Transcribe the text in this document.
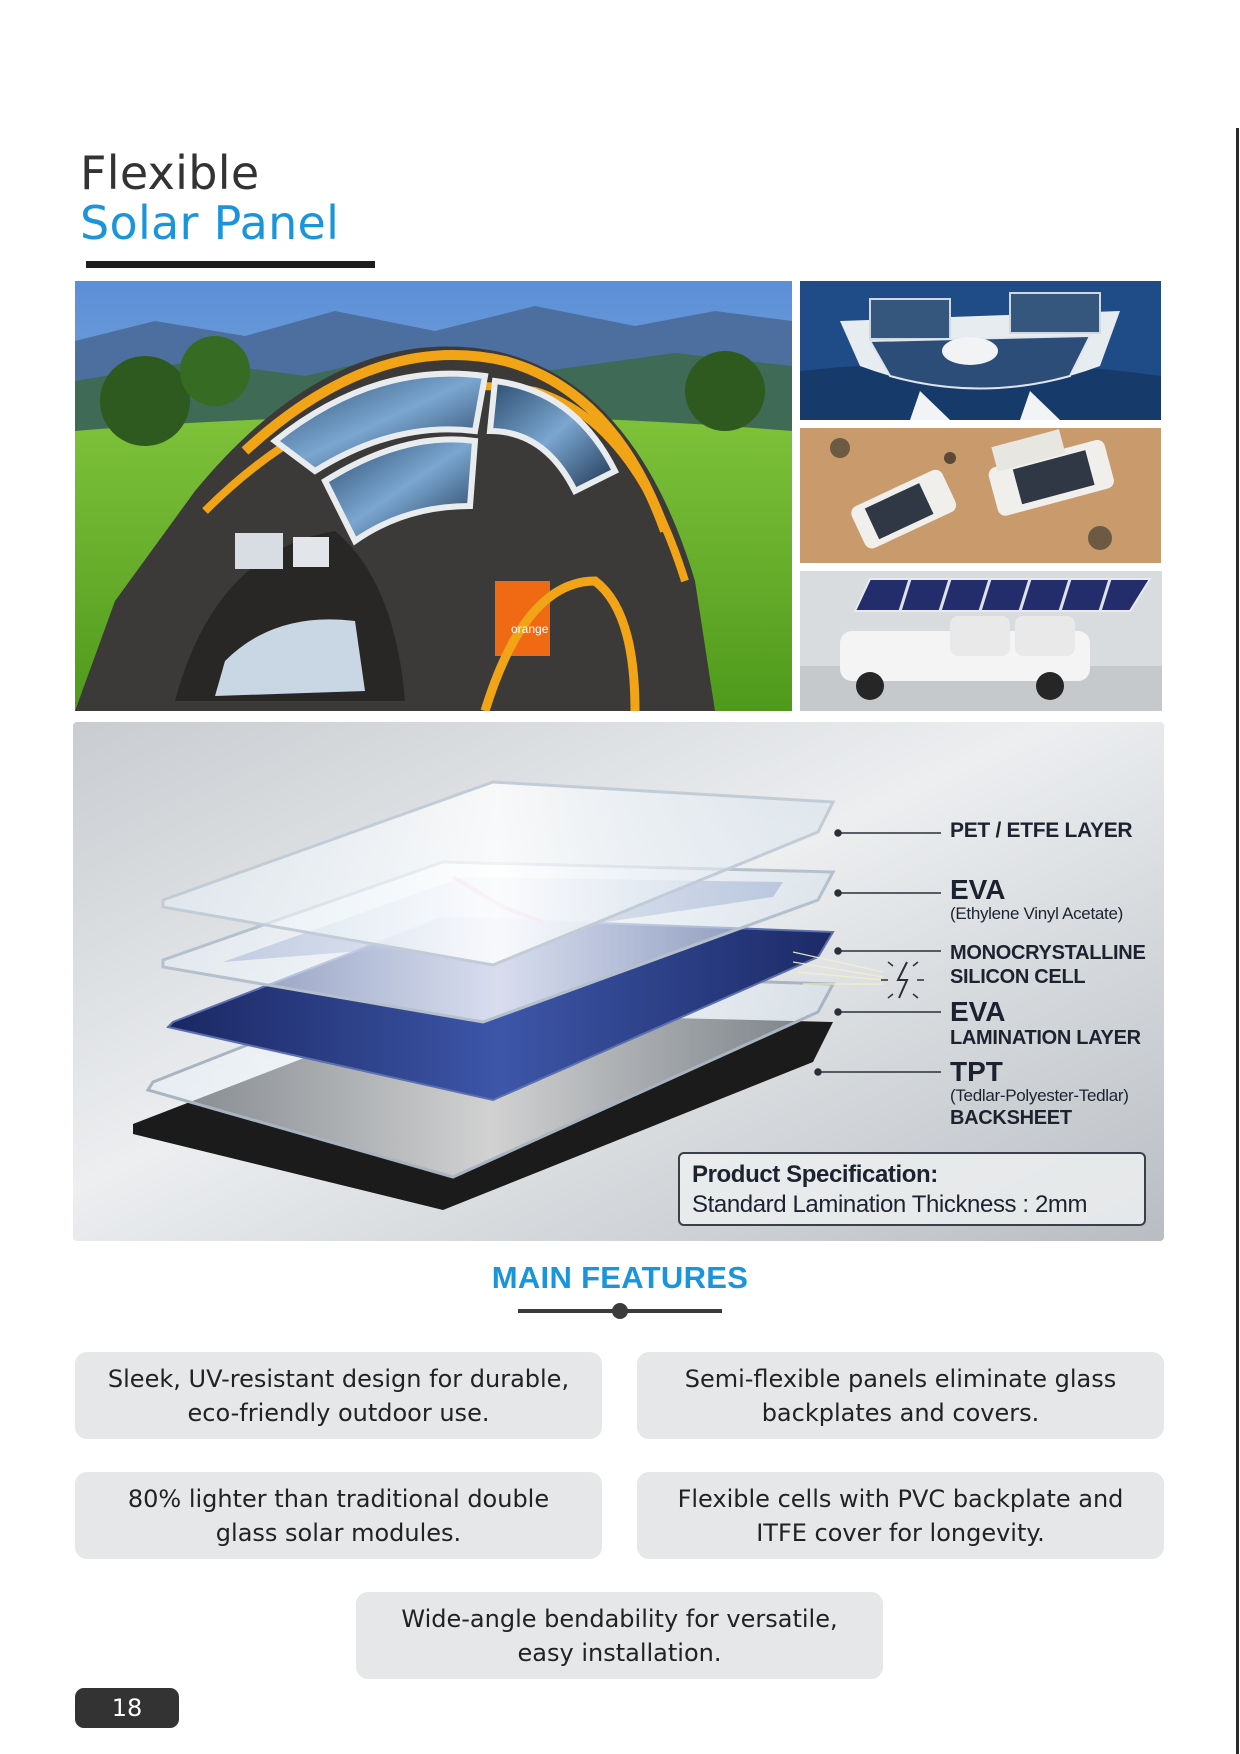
Flexible
Solar Panel
orange
PET / ETFE LAYER
EVA
(Ethylene Vinyl Acetate)
MONOCRYSTALLINE
SILICON CELL
EVA
LAMINATION LAYER
TPT
(Tedlar-Polyester-Tedlar)
BACKSHEET
Product Specification:
Standard Lamination Thickness : 2mm
MAIN FEATURES
Sleek, UV-resistant design for durable,
eco-friendly outdoor use.
Semi-flexible panels eliminate glass
backplates and covers.
80% lighter than traditional double
glass solar modules.
Flexible cells with PVC backplate and
ITFE cover for longevity.
Wide-angle bendability for versatile,
easy installation.
18
